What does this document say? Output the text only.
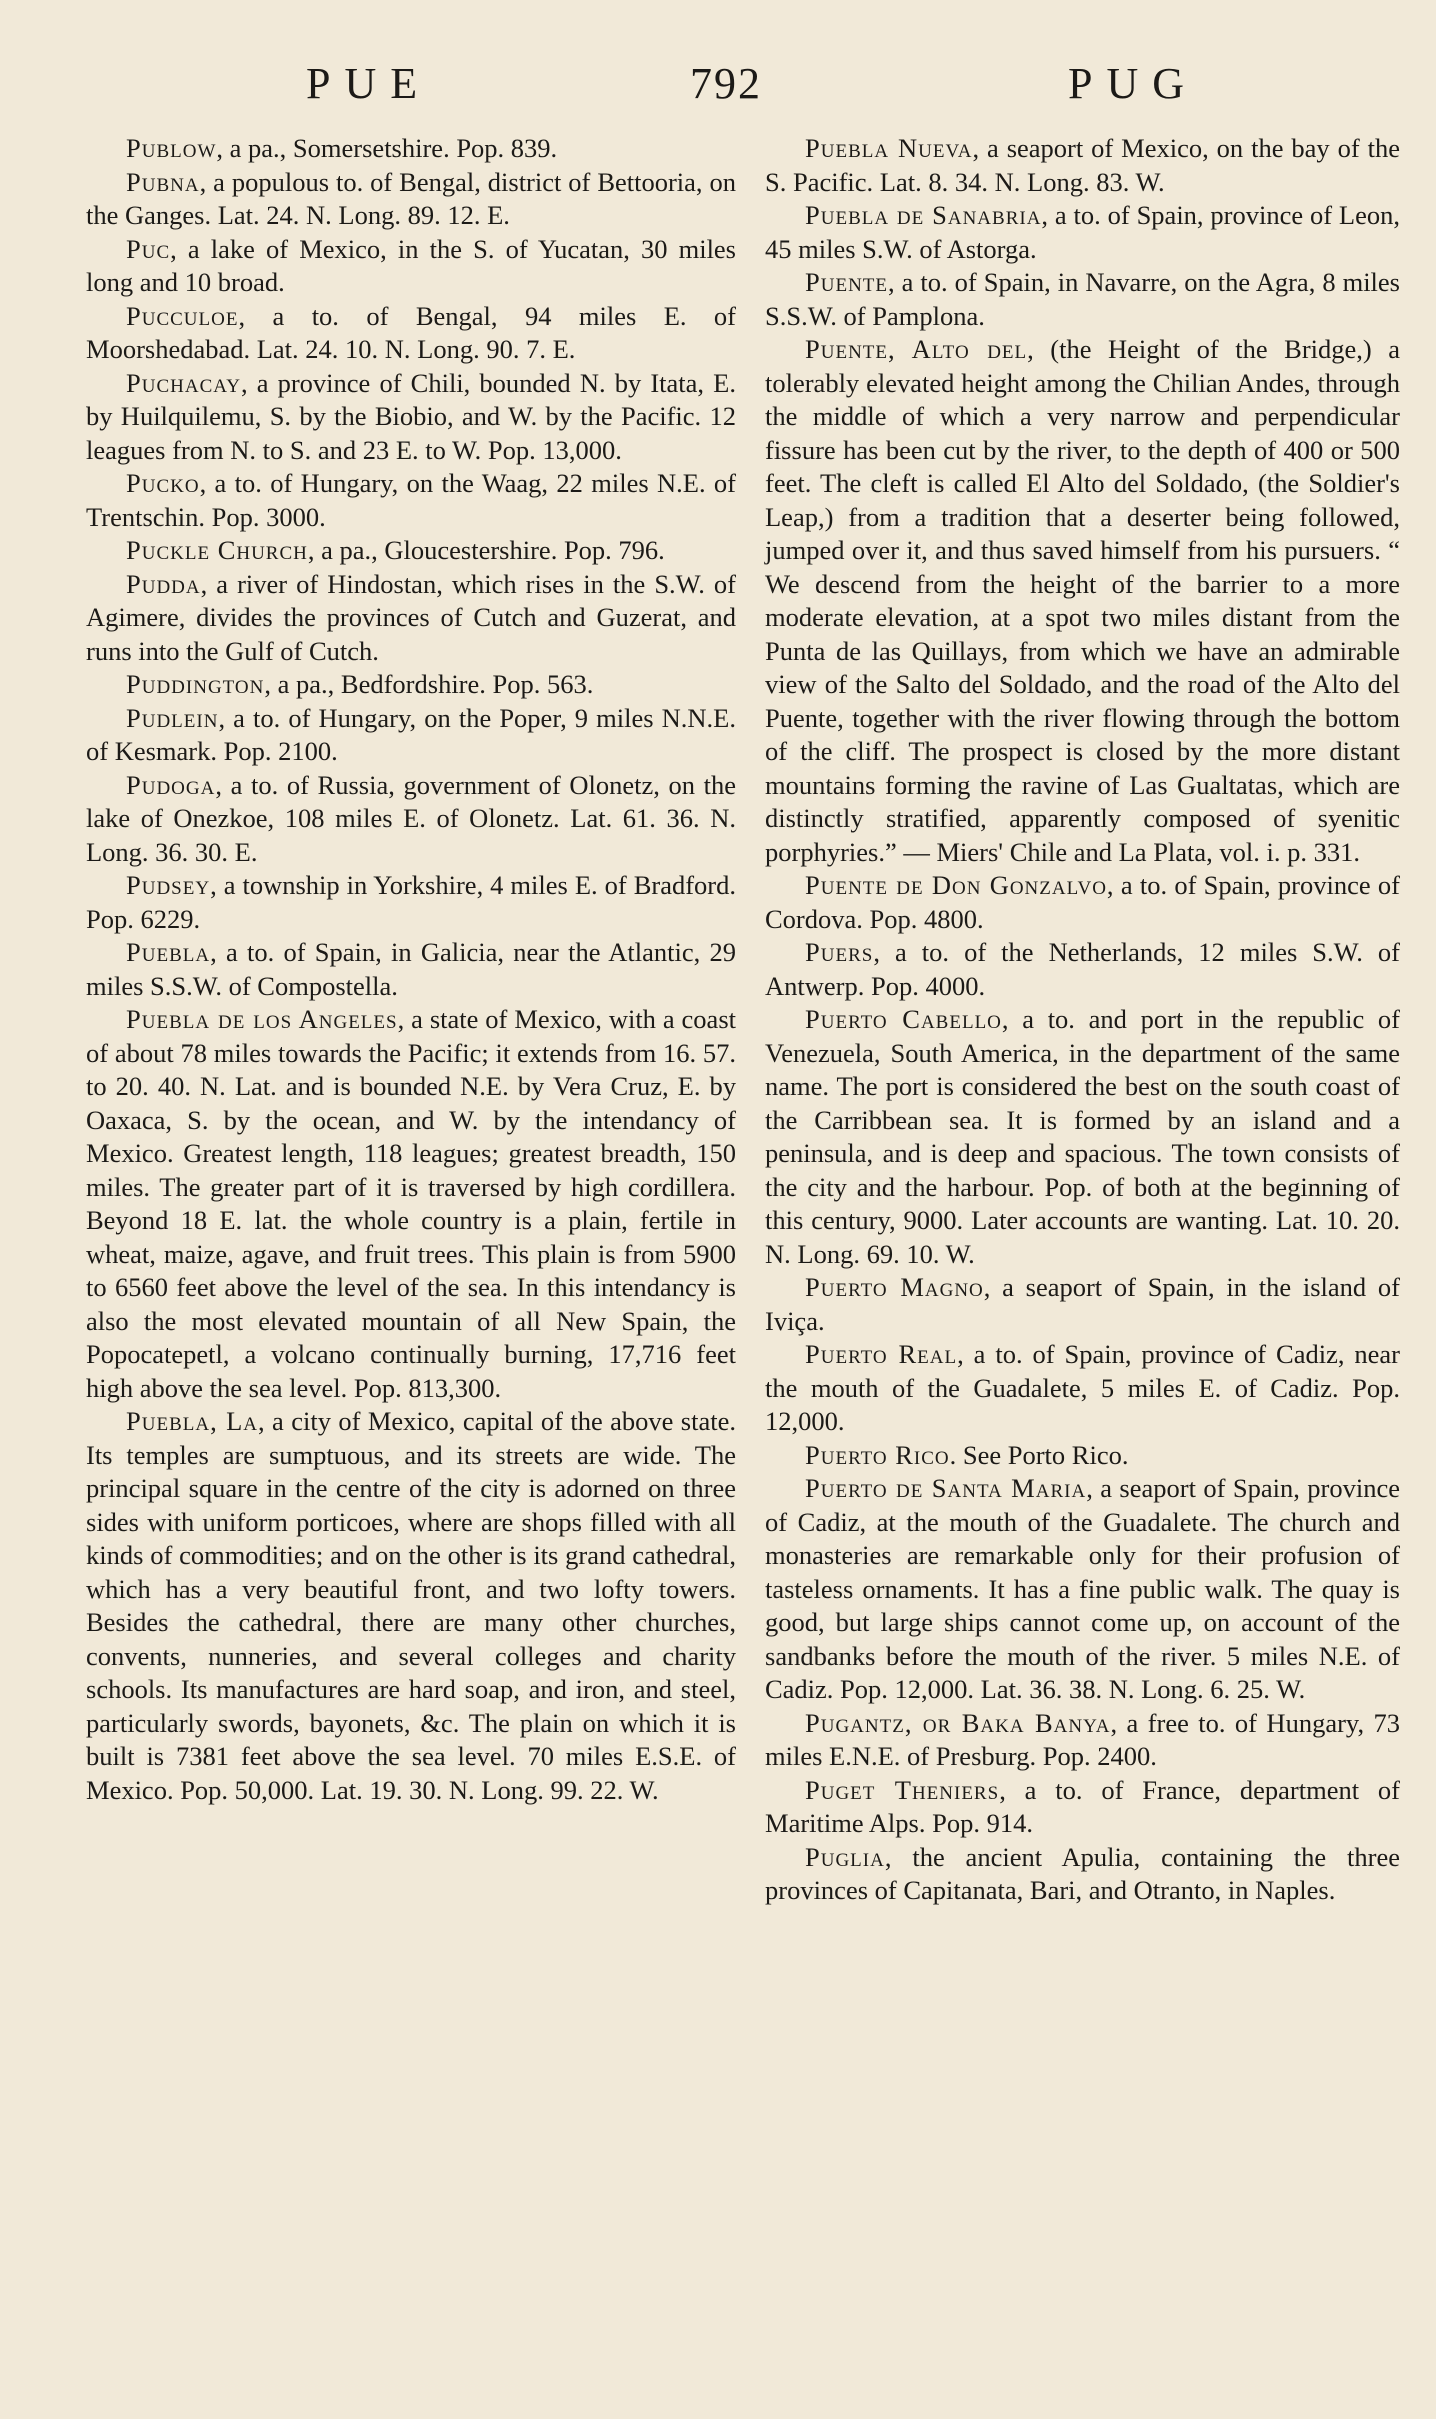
PUE	792	PUG

Publow, a pa., Somersetshire. Pop. 839.

Pubna, a populous to. of Bengal, district of Bettooria, on the Ganges. Lat. 24. N. Long. 89. 12. E.

Puc, a lake of Mexico, in the S. of Yucatan, 30 miles long and 10 broad.

Pucculoe, a to. of Bengal, 94 miles E. of Moorshedabad. Lat. 24. 10. N. Long. 90. 7. E.

Puchacay, a province of Chili, bounded N. by Itata, E. by Huilquilemu, S. by the Biobio, and W. by the Pacific. 12 leagues from N. to S. and 23 E. to W. Pop. 13,000.

Pucko, a to. of Hungary, on the Waag, 22 miles N.E. of Trentschin. Pop. 3000.

Puckle Church, a pa., Gloucestershire. Pop. 796.

Pudda, a river of Hindostan, which rises in the S.W. of Agimere, divides the provinces of Cutch and Guzerat, and runs into the Gulf of Cutch.

Puddington, a pa., Bedfordshire. Pop. 563.

Pudlein, a to. of Hungary, on the Poper, 9 miles N.N.E. of Kesmark. Pop. 2100.

Pudoga, a to. of Russia, government of Olonetz, on the lake of Onezkoe, 108 miles E. of Olonetz. Lat. 61. 36. N. Long. 36. 30. E.

Pudsey, a township in Yorkshire, 4 miles E. of Bradford. Pop. 6229.

Puebla, a to. of Spain, in Galicia, near the Atlantic, 29 miles S.S.W. of Compostella.

Puebla de los Angeles, a state of Mexico, with a coast of about 78 miles towards the Pacific; it extends from 16. 57. to 20. 40. N. Lat. and is bounded N.E. by Vera Cruz, E. by Oaxaca, S. by the ocean, and W. by the intendancy of Mexico. Greatest length, 118 leagues; greatest breadth, 150 miles. The greater part of it is traversed by high cordillera. Beyond 18 E. lat. the whole country is a plain, fertile in wheat, maize, agave, and fruit trees. This plain is from 5900 to 6560 feet above the level of the sea. In this intendancy is also the most elevated mountain of all New Spain, the Popocatepetl, a volcano continually burning, 17,716 feet high above the sea level. Pop. 813,300.

Puebla, La, a city of Mexico, capital of the above state. Its temples are sumptuous, and its streets are wide. The principal square in the centre of the city is adorned on three sides with uniform porticoes, where are shops filled with all kinds of commodities; and on the other is its grand cathedral, which has a very beautiful front, and two lofty towers. Besides the cathedral, there are many other churches, convents, nunneries, and several colleges and charity schools. Its manufactures are hard soap, and iron, and steel, particularly swords, bayonets, &c. The plain on which it is built is 7381 feet above the sea level. 70 miles E.S.E. of Mexico. Pop. 50,000. Lat. 19. 30. N. Long. 99. 22. W.

Puebla Nueva, a seaport of Mexico, on the bay of the S. Pacific. Lat. 8. 34. N. Long. 83. W.

Puebla de Sanabria, a to. of Spain, province of Leon, 45 miles S.W. of Astorga.

Puente, a to. of Spain, in Navarre, on the Agra, 8 miles S.S.W. of Pamplona.

Puente, Alto del, (the Height of the Bridge,) a tolerably elevated height among the Chilian Andes, through the middle of which a very narrow and perpendicular fissure has been cut by the river, to the depth of 400 or 500 feet. The cleft is called El Alto del Soldado, (the Soldier's Leap,) from a tradition that a deserter being followed, jumped over it, and thus saved himself from his pursuers. “ We descend from the height of the barrier to a more moderate elevation, at a spot two miles distant from the Punta de las Quillays, from which we have an admirable view of the Salto del Soldado, and the road of the Alto del Puente, together with the river flowing through the bottom of the cliff. The prospect is closed by the more distant mountains forming the ravine of Las Gualtatas, which are distinctly stratified, apparently composed of syenitic porphyries.” — Miers' Chile and La Plata, vol. i. p. 331.

Puente de Don Gonzalvo, a to. of Spain, province of Cordova. Pop. 4800.

Puers, a to. of the Netherlands, 12 miles S.W. of Antwerp. Pop. 4000.

Puerto Cabello, a to. and port in the republic of Venezuela, South America, in the department of the same name. The port is considered the best on the south coast of the Carribbean sea. It is formed by an island and a peninsula, and is deep and spacious. The town consists of the city and the harbour. Pop. of both at the beginning of this century, 9000. Later accounts are wanting. Lat. 10. 20. N. Long. 69. 10. W.

Puerto Magno, a seaport of Spain, in the island of Iviça.

Puerto Real, a to. of Spain, province of Cadiz, near the mouth of the Guadalete, 5 miles E. of Cadiz. Pop. 12,000.

Puerto Rico. See Porto Rico.

Puerto de Santa Maria, a seaport of Spain, province of Cadiz, at the mouth of the Guadalete. The church and monasteries are remarkable only for their profusion of tasteless ornaments. It has a fine public walk. The quay is good, but large ships cannot come up, on account of the sandbanks before the mouth of the river. 5 miles N.E. of Cadiz. Pop. 12,000. Lat. 36. 38. N. Long. 6. 25. W.

Pugantz, or Baka Banya, a free to. of Hungary, 73 miles E.N.E. of Presburg. Pop. 2400.

Puget Theniers, a to. of France, department of Maritime Alps. Pop. 914.

Puglia, the ancient Apulia, containing the three provinces of Capitanata, Bari, and Otranto, in Naples.
